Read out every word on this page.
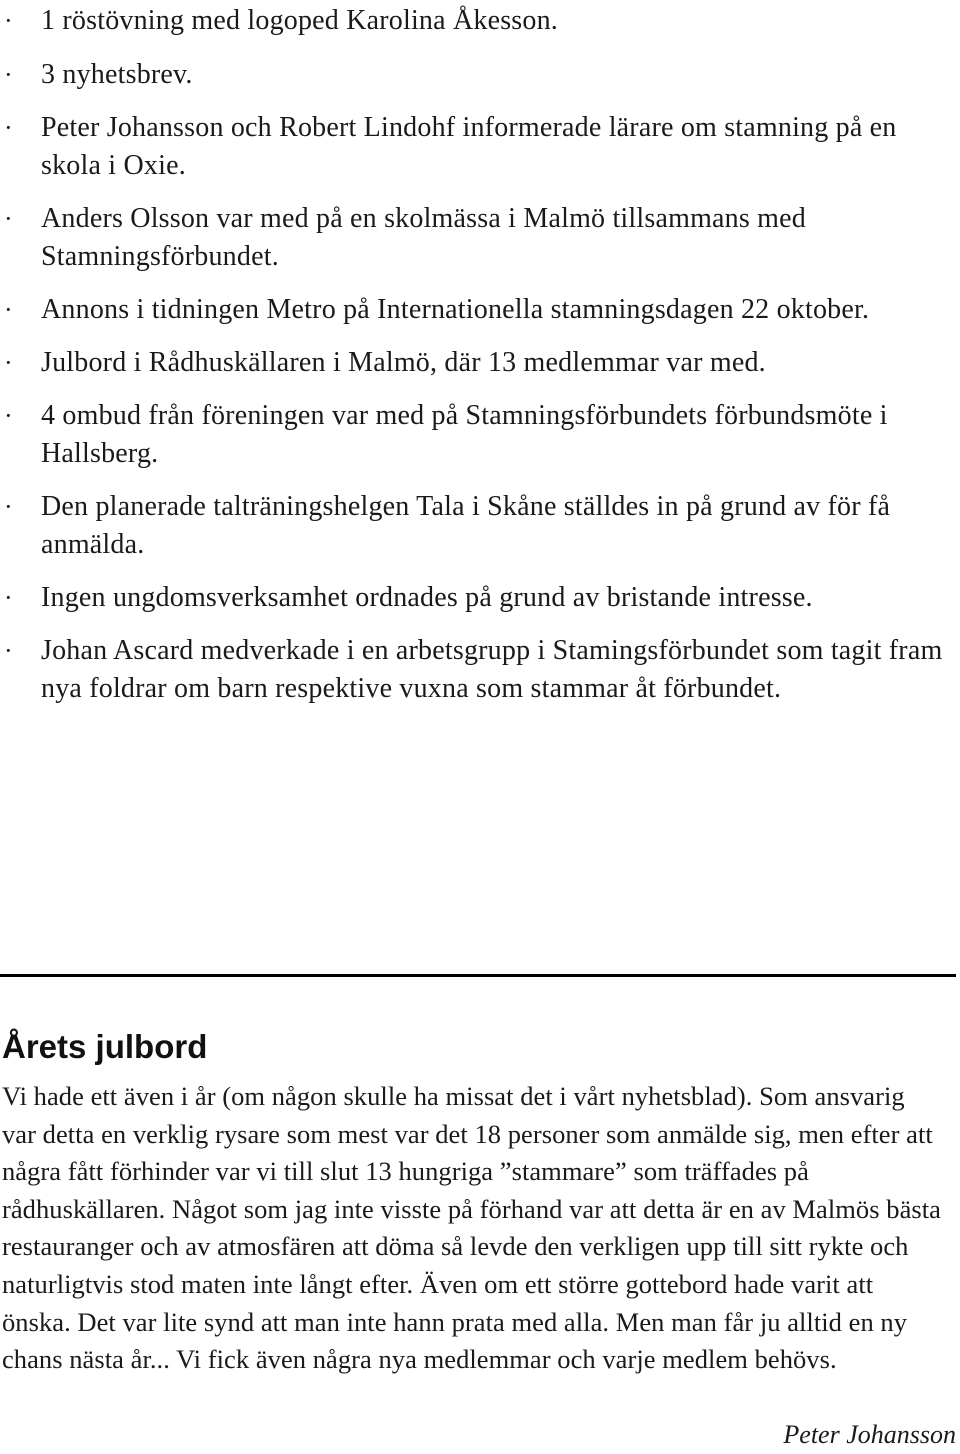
· 1 röstövning med logoped Karolina Åkesson.
· 3 nyhetsbrev.
· Peter Johansson och Robert Lindohf informerade lärare om stamning på en skola i Oxie.
· Anders Olsson var med på en skolmässa i Malmö tillsammans med Stamningsförbundet.
· Annons i tidningen Metro på Internationella stamningsdagen 22 oktober.
· Julbord i Rådhuskällaren i Malmö, där 13 medlemmar var med.
· 4 ombud från föreningen var med på Stamningsförbundets förbundsmöte i Hallsberg.
· Den planerade talträningshelgen Tala i Skåne ställdes in på grund av för få anmälda.
· Ingen ungdomsverksamhet ordnades på grund av bristande intresse.
· Johan Ascard medverkade i en arbetsgrupp i Stamingsförbundet som tagit fram nya foldrar om barn respektive vuxna som stammar åt förbundet.
Årets julbord

Vi hade ett även i år (om någon skulle ha missat det i vårt nyhetsblad). Som ansvarig var detta en verklig rysare som mest var det 18 personer som anmälde sig, men efter att några fått förhinder var vi till slut 13 hungriga ”stammare” som träffades på rådhuskällaren. Något som jag inte visste på förhand var att detta är en av Malmös bästa restauranger och av atmosfären att döma så levde den verkligen upp till sitt rykte och naturligtvis stod maten inte långt efter. Även om ett större gottebord hade varit att önska. Det var lite synd att man inte hann prata med alla. Men man får ju alltid en ny chans nästa år... Vi fick även några nya medlemmar och varje medlem behövs.

Peter Johansson
